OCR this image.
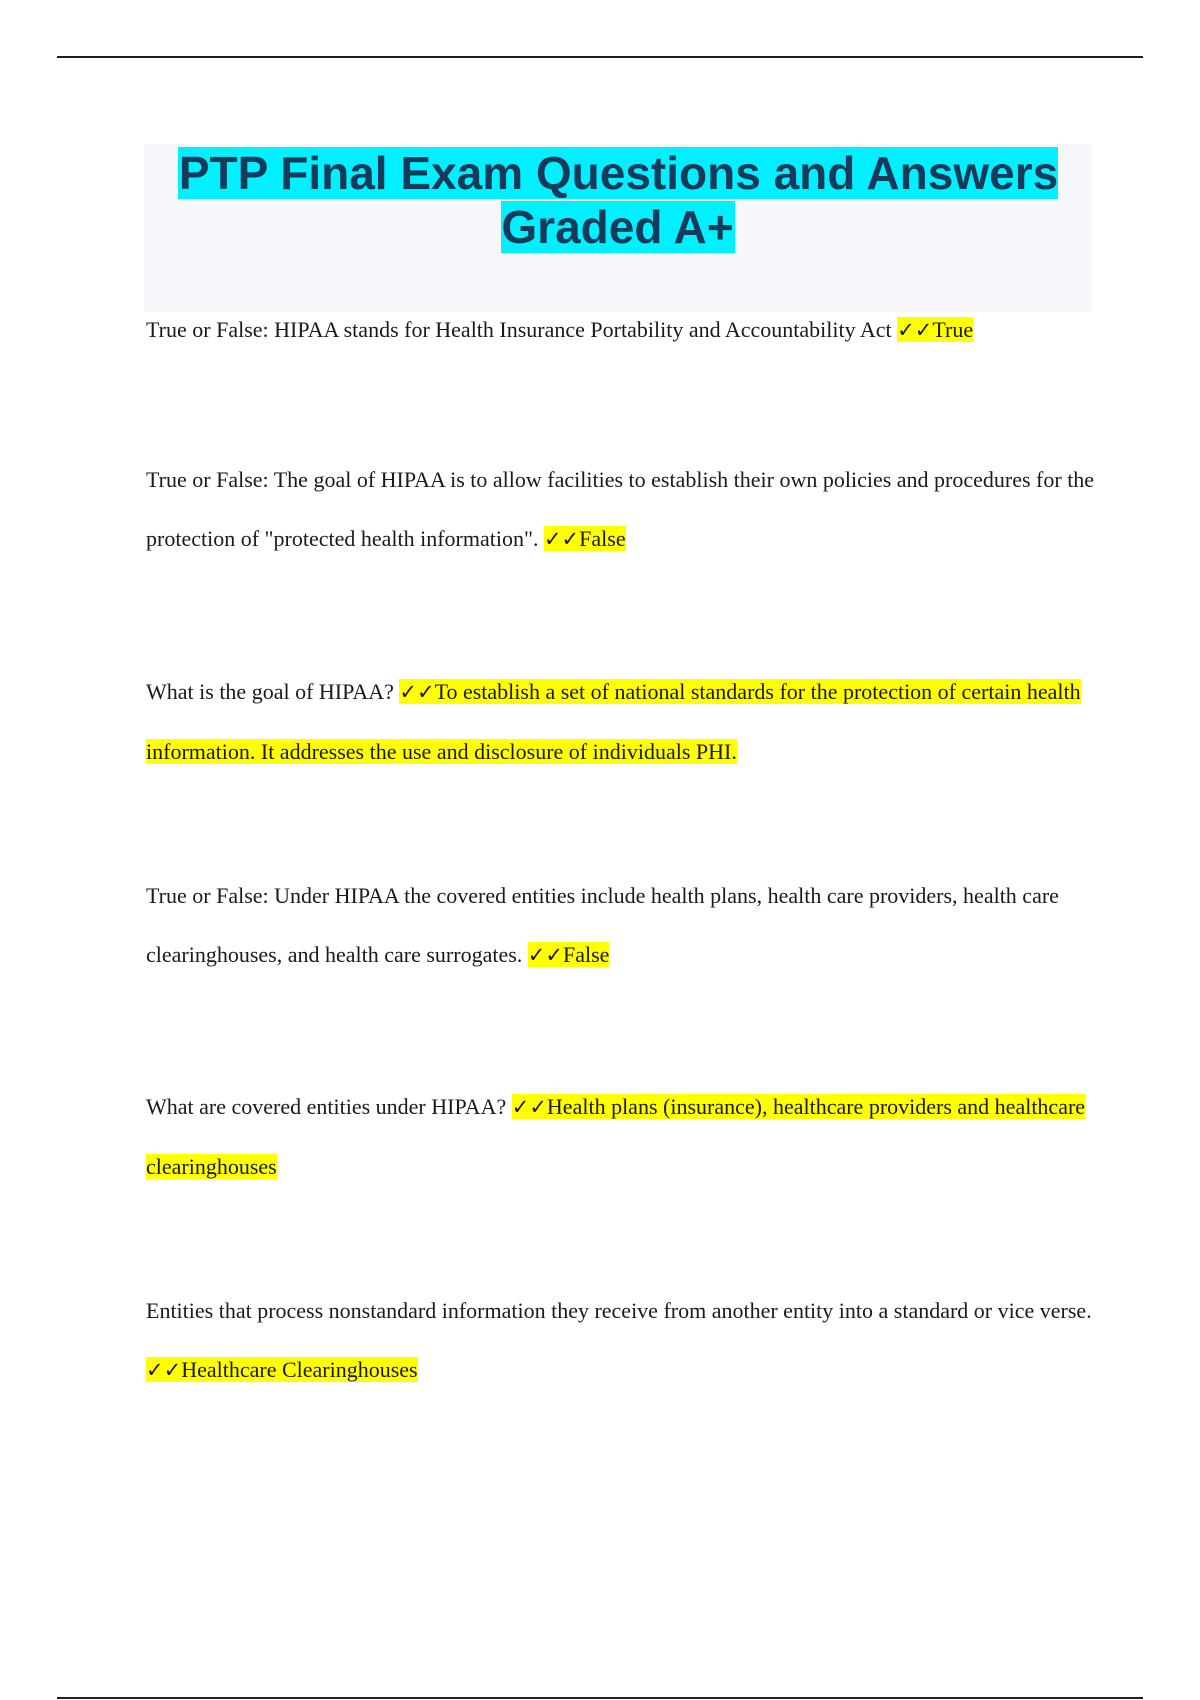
PTP Final Exam Questions and Answers Graded A+

True or False: HIPAA stands for Health Insurance Portability and Accountability Act ✓✓True

True or False: The goal of HIPAA is to allow facilities to establish their own policies and procedures for the protection of "protected health information". ✓✓False

What is the goal of HIPAA? ✓✓To establish a set of national standards for the protection of certain health information. It addresses the use and disclosure of individuals PHI.

True or False: Under HIPAA the covered entities include health plans, health care providers, health care clearinghouses, and health care surrogates. ✓✓False

What are covered entities under HIPAA? ✓✓Health plans (insurance), healthcare providers and healthcare clearinghouses

Entities that process nonstandard information they receive from another entity into a standard or vice verse. ✓✓Healthcare Clearinghouses
